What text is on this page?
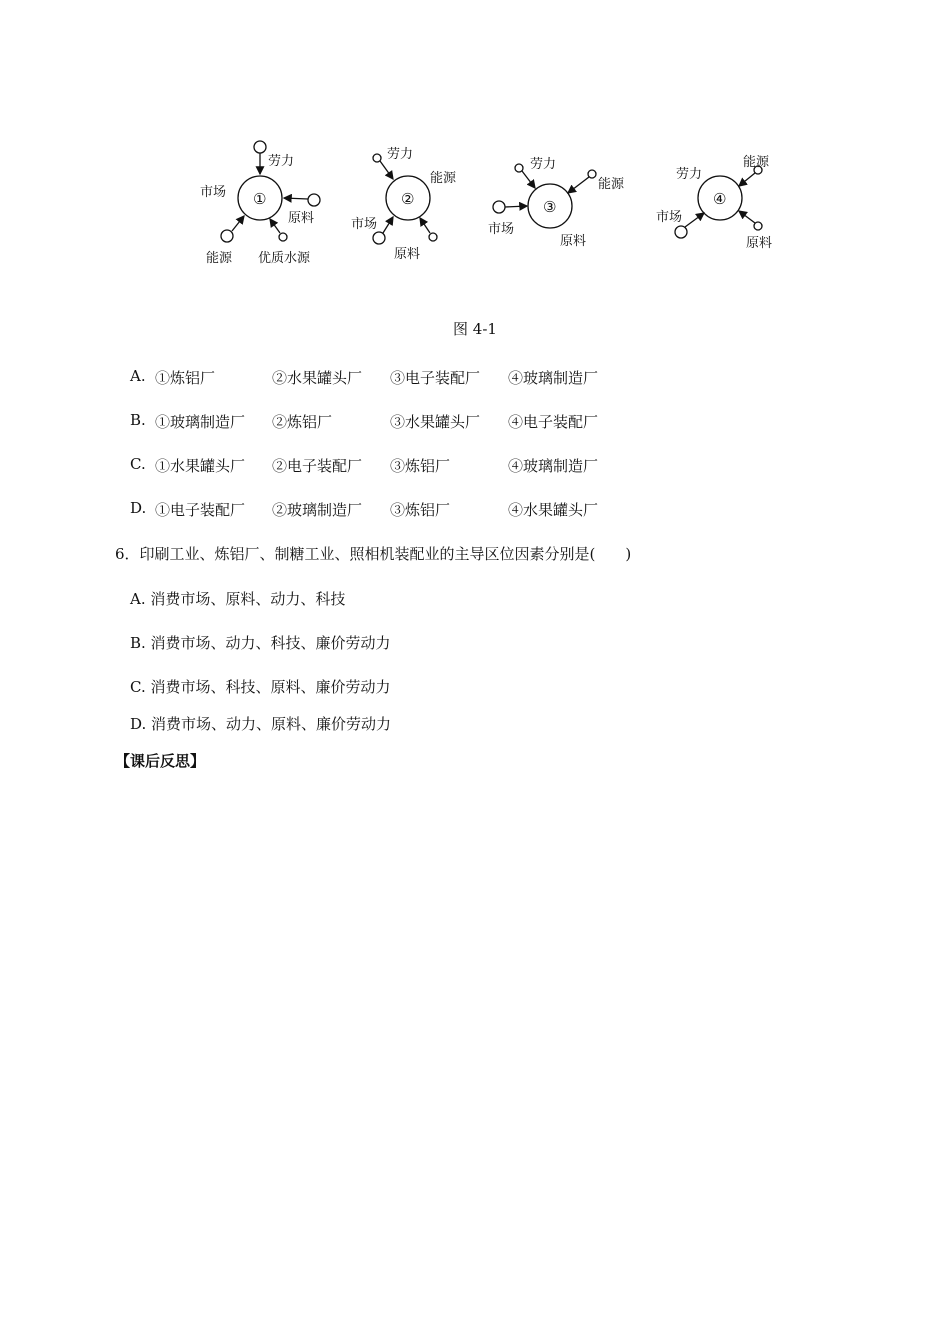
①
劳力
市场
原料
能源 优质水源
②
劳力
能源
市场
原料
③
劳力
能源
市场
原料
④
劳力
能源
市场
原料
图 4-1
A. ①炼铝厂	②水果罐头厂 ③电子装配厂 ④玻璃制造厂
B. ①玻璃制造厂 ②炼铝厂	③水果罐头厂 ④电子装配厂
C. ①水果罐头厂 ②电子装配厂 ③炼铝厂	④玻璃制造厂
D. ①电子装配厂 ②玻璃制造厂 ③炼铝厂	④水果罐头厂
6．印刷工业、炼铝厂、制糖工业、照相机装配业的主导区位因素分别是(　　)
A. 消费市场、原料、动力、科技
B. 消费市场、动力、科技、廉价劳动力
C. 消费市场、科技、原料、廉价劳动力
D. 消费市场、动力、原料、廉价劳动力
【课后反思】
